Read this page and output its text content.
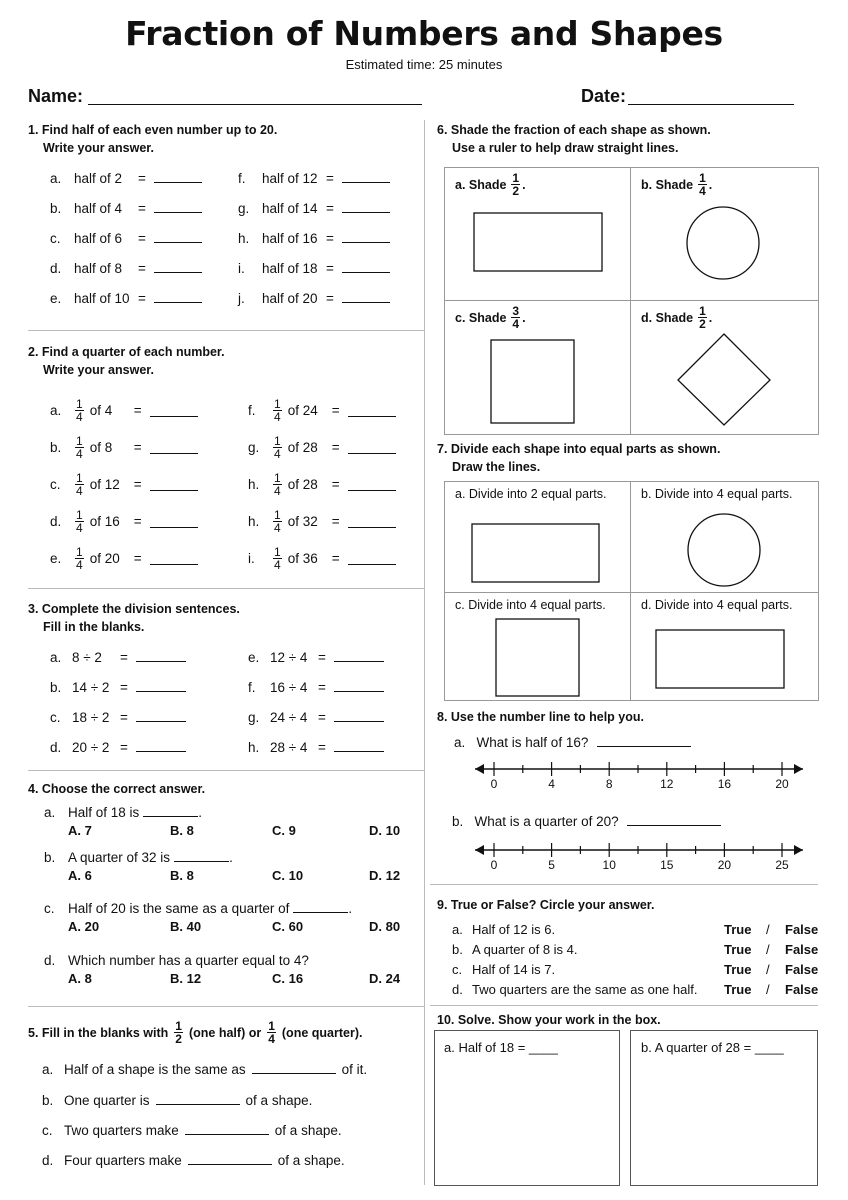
Fraction of Numbers and Shapes
Estimated time: 25 minutes
Name:	Date:
1. Find half of each even number up to 20.
Write your answer.
2. Find a quarter of each number.
Write your answer.
3. Complete the division sentences.
Fill in the blanks.
4. Choose the correct answer.
5. Fill in the blanks with $\frac{1}{2} (one$ half) or $\frac{1}{4} (one$ quarter).
6. Shade the fraction of each shape as shown.
Use a ruler to help draw straight lines.
a. Shade $\frac{1}{2}$ .	b. Shade $\frac{1}{4}$ .
c. Shade $\frac{3}{4}$ .	d. Shade $\frac{1}{2}$ .
7. Divide each shape into equal parts as shown.
Draw the lines.
a. Divide into 2 equal parts.	b. Divide into 4 equal parts.
c. Divide into 4 equal parts.	d. Divide into 4 equal parts.
8. Use the number line to help you.
a. What is half of 16?
b. What is a quarter of 20?
0	4	8	12	16	20
0	5	10	15	20	25
9. True or False? Circle your answer.
10. Solve. Show your work in the box.
a. Half of 18 = ____	b. A quarter of 28 = ____
a. half of 2 =
b. half of 4 =
c. half of 6 =
d. half of 8 =
e. half of 10 =
f. half of 12 =
g. half of 14 =
h. half of 16 =
i. half of 18 =
j. half of 20 =
a.	$\frac{1}{4}$ of 4	=
b.	$\frac{1}{4}$ of 8	=
c.	$\frac{1}{4}$ of 12	=
d.	$\frac{1}{4}$ of 16	=
e.	$\frac{1}{4}$ of 20	=
f.	$\frac{1}{4}$ of 24	=
g.	$\frac{1}{4}$ of 28	=
h.	$\frac{1}{4}$ of 28	=
h.	$\frac{1}{4}$ of 32	=
i.	$\frac{1}{4}$ of 36	=
a. 8 ÷ 2 =
b. 14 ÷ 2 =
c. 18 ÷ 2 =
d. 20 ÷ 2 =
e. 12 ÷ 4 =
f. 16 ÷ 4 =
g. 24 ÷ 4 =
h. 28 ÷ 4 =
a. Half of 18 is	.
A. 7	B. 8	C. 9	D. 10
b. A quarter of 32 is	.
A. 6	B. 8	C. 10	D. 12
c. Half of 20 is the same as a quarter of	.
A. 20	B. 40	C. 60	D. 80
d. Which number has a quarter equal to 4?
A. 8	B. 12	C. 16	D. 24
a. Half of a shape is the same as	of it.
b. One quarter is	of a shape.
c. Two quarters make	of a shape.
d. Four quarters make	of a shape.
a. Half of 12 is 6.	True / False
b. A quarter of 8 is 4.	True / False
c. Half of 14 is 7.	True / False
d. Two quarters are the same as one half. True / False
